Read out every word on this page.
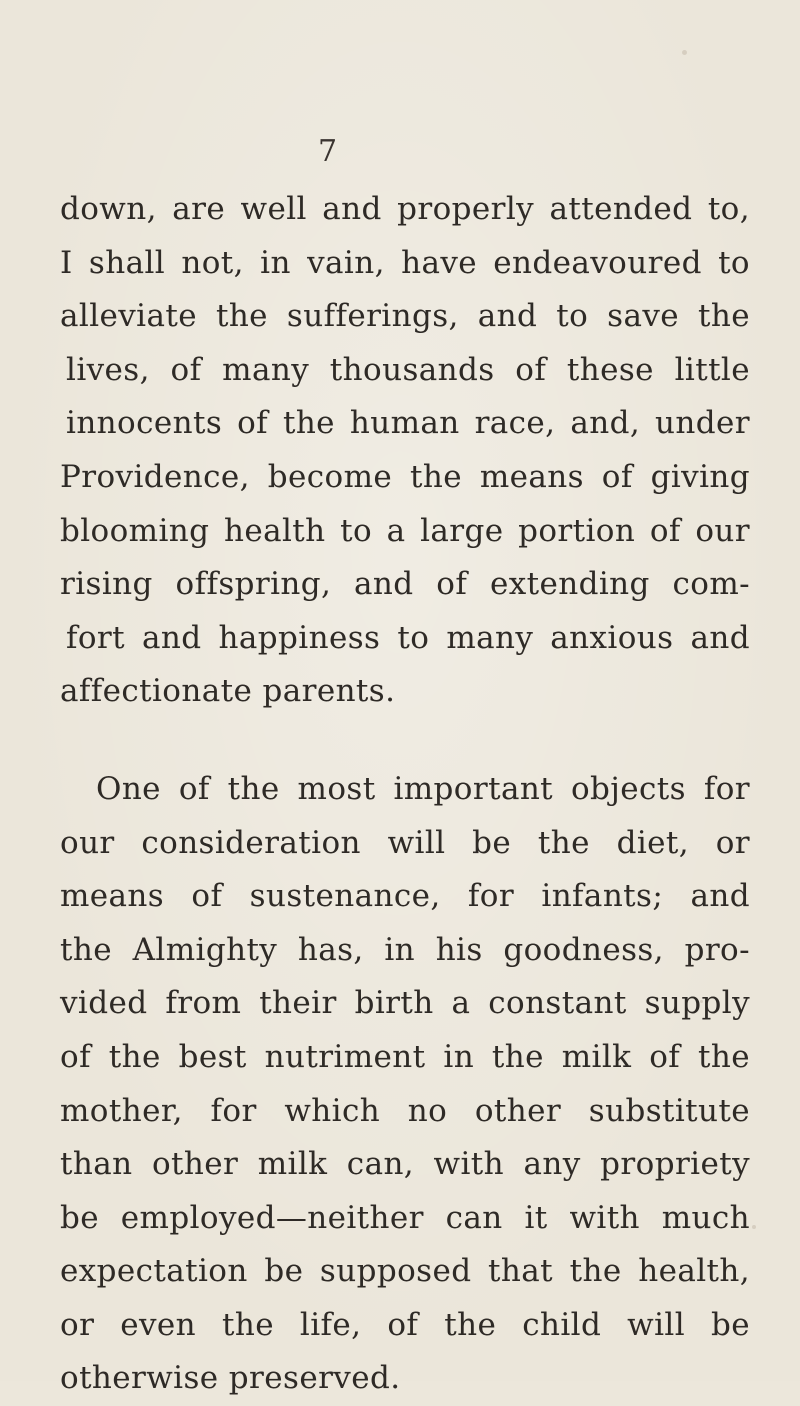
7
down, are well and properly attended to,
I shall not, in vain, have endeavoured to
alleviate the sufferings, and to save the
lives, of many thousands of these little
innocents of the human race, and, under
Providence, become the means of giving
blooming health to a large portion of our
rising offspring, and of extending com-
fort and happiness to many anxious and
affectionate parents.
One of the most important objects for
our consideration will be the diet, or
means of sustenance, for infants; and
the Almighty has, in his goodness, pro-
vided from their birth a constant supply
of the best nutriment in the milk of the
mother, for which no other substitute
than other milk can, with any propriety
be employed—neither can it with much
expectation be supposed that the health,
or even the life, of the child will be
otherwise preserved.
